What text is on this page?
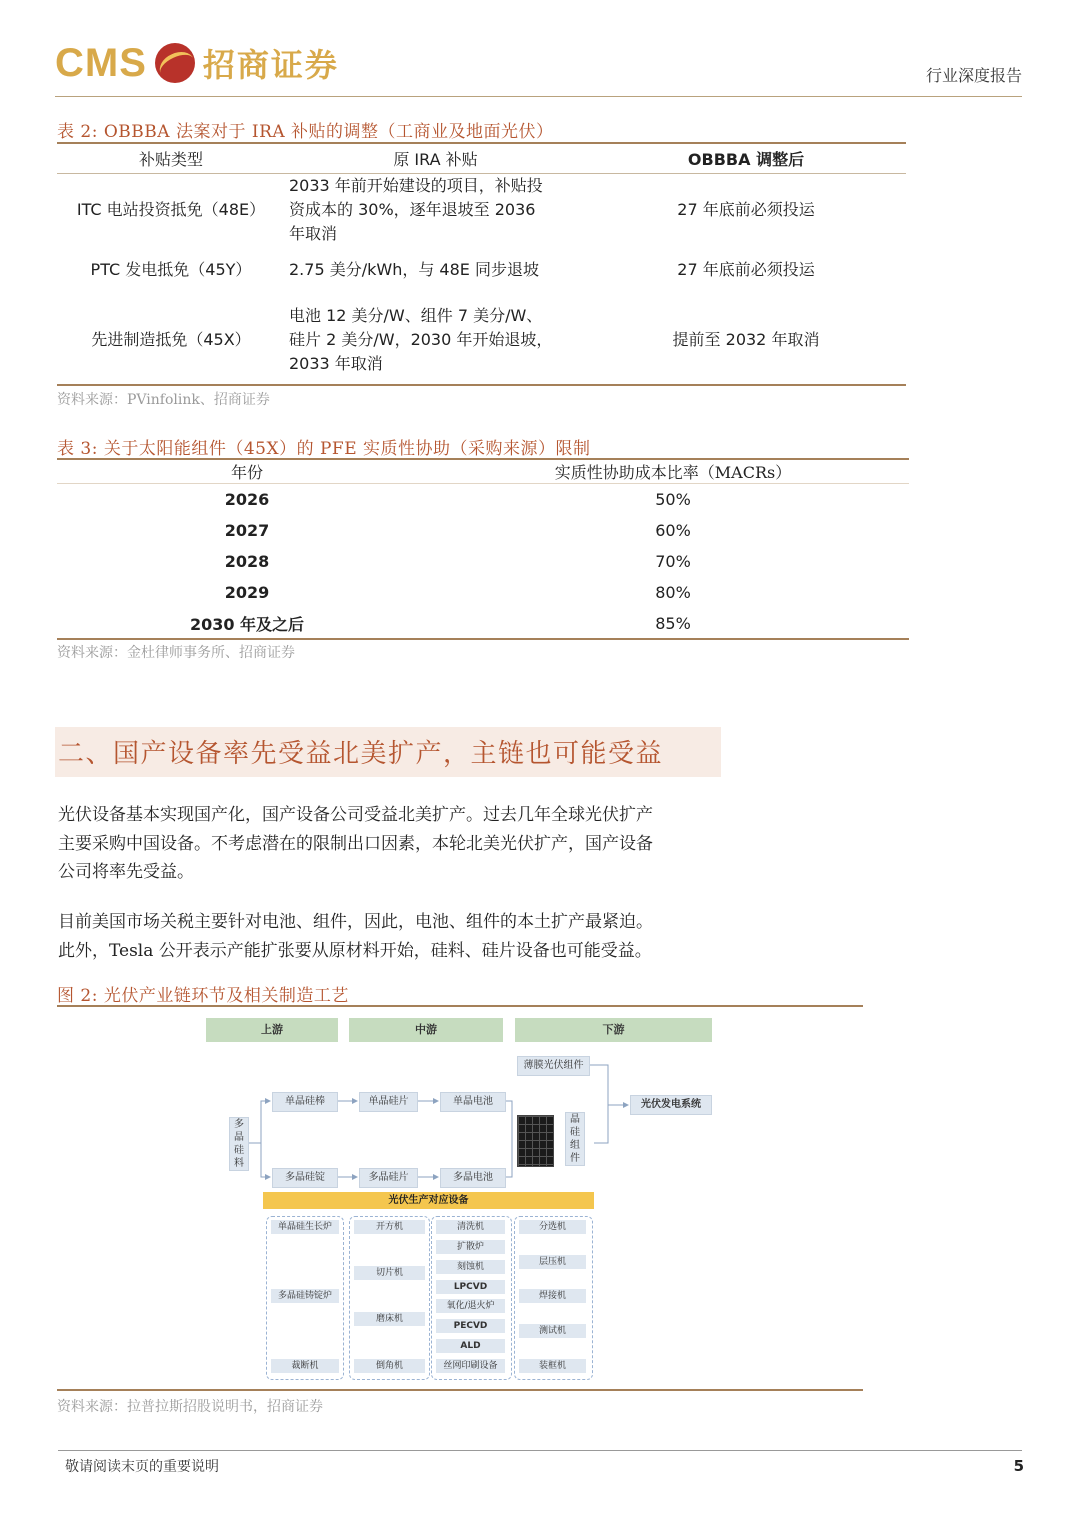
CMS 招商证券	行业深度报告
表 2: OBBBA 法案对于 IRA 补贴的调整（工商业及地面光伏）
补贴类型	原 IRA 补贴	OBBBA 调整后
ITC 电站投资抵免（48E）	2033 年前开始建设的项目，补贴投
资成本的 30%，逐年退坡至 2036
年取消	27 年底前必须投运
PTC 发电抵免（45Y）	2.75 美分/kWh，与 48E 同步退坡	27 年底前必须投运
先进制造抵免（45X）	电池 12 美分/W、组件 7 美分/W、
硅片 2 美分/W，2030 年开始退坡，
2033 年取消	提前至 2032 年取消
资料来源：PVinfolink、招商证券
表 3: 关于太阳能组件（45X）的 PFE 实质性协助（采购来源）限制
年份	实质性协助成本比率（MACRs）
2026	50%
2027	60%
2028	70%
2029	80%
2030 年及之后	85%
资料来源：金杜律师事务所、招商证券
二、国产设备率先受益北美扩产，主链也可能受益
光伏设备基本实现国产化，国产设备公司受益北美扩产。过去几年全球光伏扩产
主要采购中国设备。不考虑潜在的限制出口因素，本轮北美光伏扩产，国产设备
公司将率先受益。
目前美国市场关税主要针对电池、组件，因此，电池、组件的本土扩产最紧迫。
此外，Tesla 公开表示产能扩张要从原材料开始，硅料、硅片设备也可能受益。
图 2: 光伏产业链环节及相关制造工艺
上游	中游	下游
多
晶
硅
料
单晶硅棒	单晶硅片	单晶电池
多晶硅锭	多晶硅片	多晶电池
薄膜光伏组件
晶
硅
组
件
光伏发电系统
光伏生产对应设备
单晶硅生长炉
多晶硅铸锭炉
裁断机
开方机
切片机
磨床机
倒角机
清洗机
扩散炉
刻蚀机
LPCVD
氧化/退火炉
PECVD
ALD
丝网印刷设备
分选机
层压机
焊接机
测试机
装框机
资料来源：拉普拉斯招股说明书，招商证券
敬请阅读末页的重要说明	5
